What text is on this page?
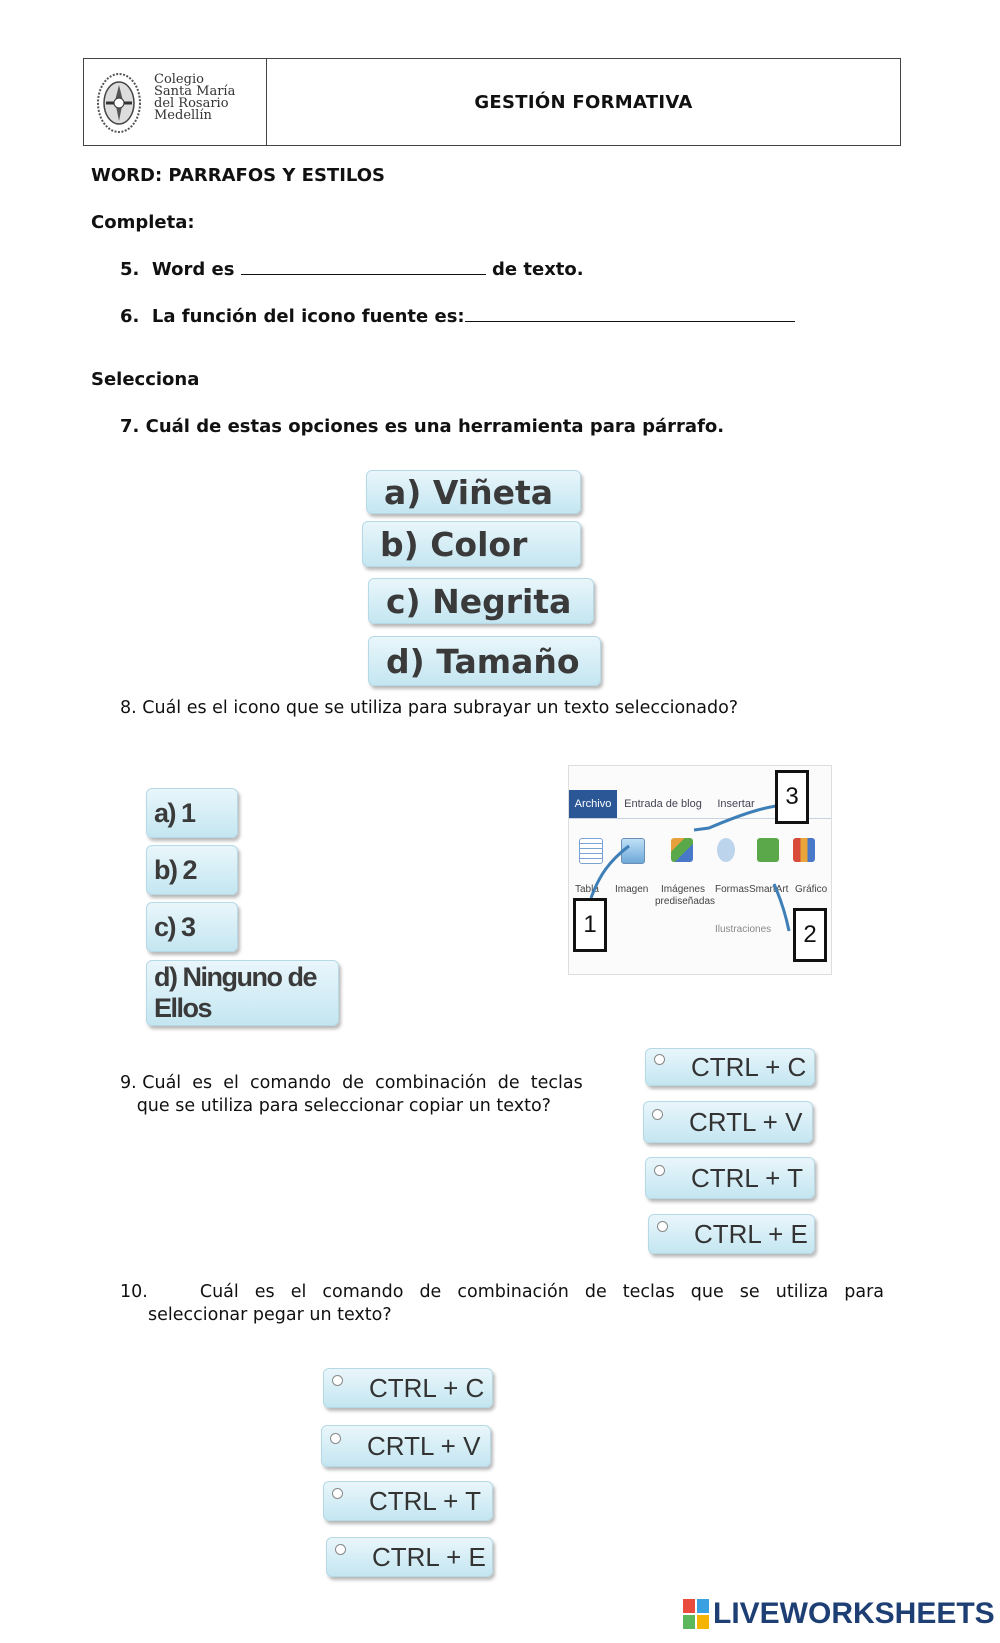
Colegio
Santa María
del Rosario
Medellín
GESTIÓN FORMATIVA
WORD: PARRAFOS Y ESTILOS
Completa:
5. Word es	de texto.
6. La función del icono fuente es:
Selecciona
7. Cuál de estas opciones es una herramienta para párrafo.
a) Viñeta
b) Color
c) Negrita
d) Tamaño
8. Cuál es el icono que se utiliza para subrayar un texto seleccionado?
a) 1
b) 2
c) 3
d) Ninguno de Ellos
Archivo	Entrada de blog	Insertar
Tabla Imagen	Imágenes prediseñadas
Formas SmartArt Gráfico
Ilustraciones
1	2
3
9. Cuál  es  el  comando  de  combinación  de  teclas
que se utiliza para seleccionar copiar un texto?
CTRL + C
CRTL + V
CTRL + T
CTRL + E
10.	Cuál es el comando de combinación de teclas que se utiliza para
seleccionar pegar un texto?
CTRL + C
CRTL + V
CTRL + T
CTRL + E
LIVEWORKSHEETS
